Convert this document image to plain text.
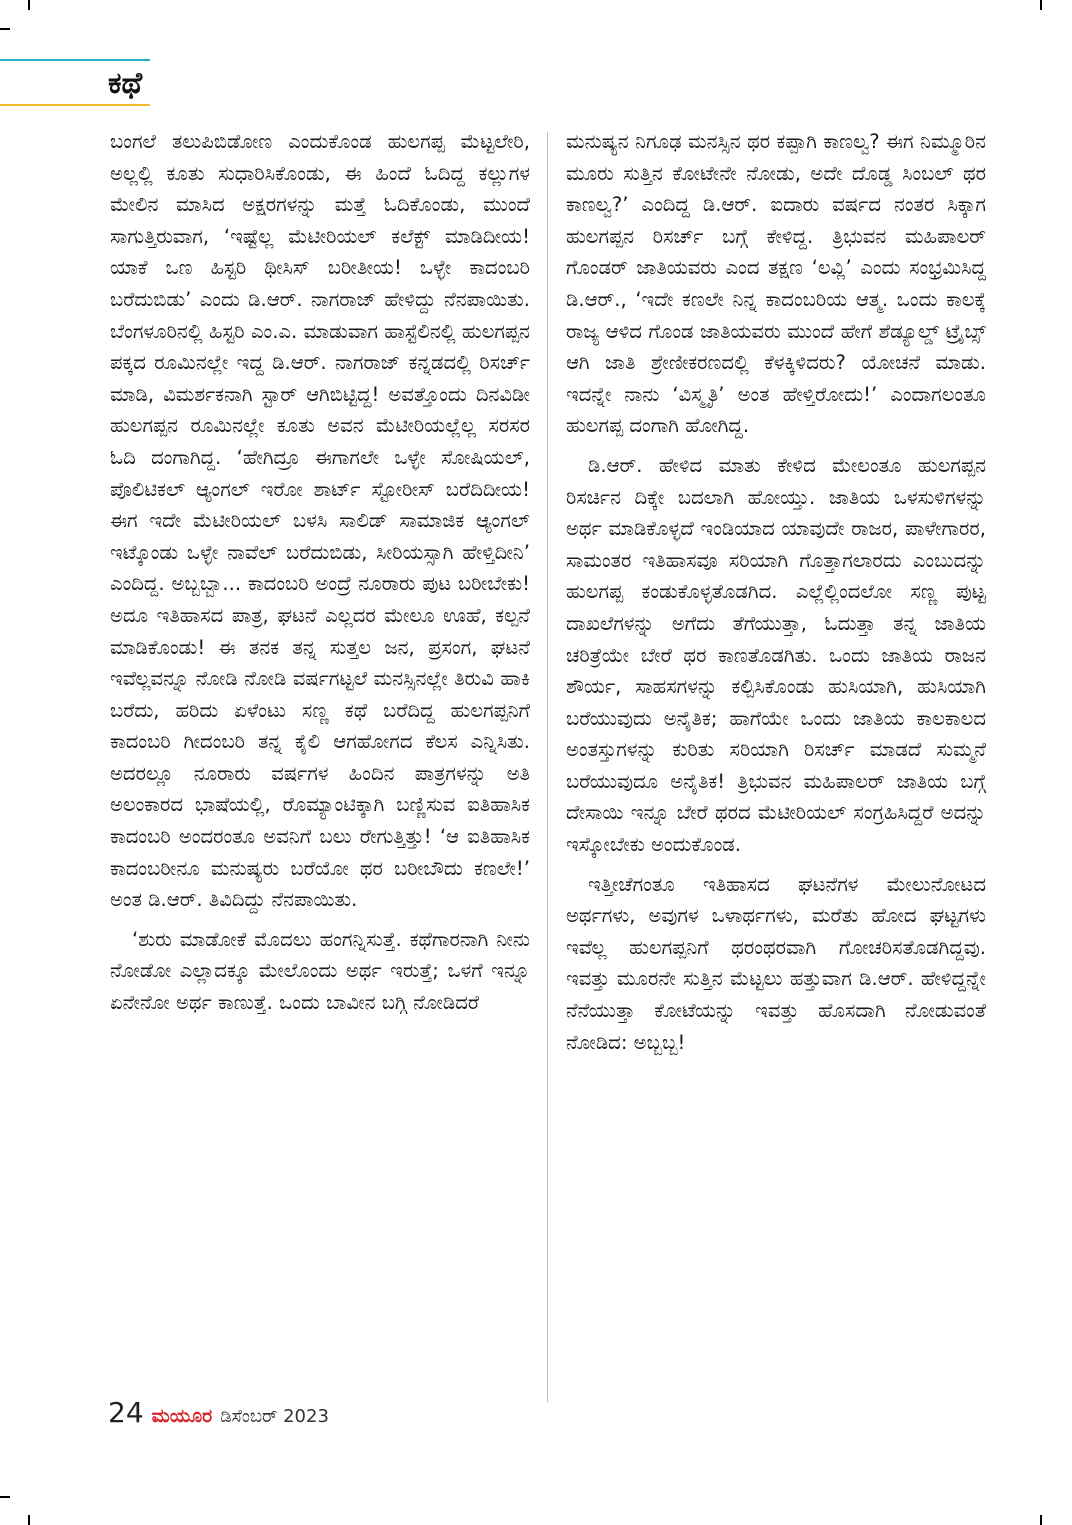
ಕಥೆ

ಬಂಗಲೆ ತಲುಪಿಬಿಡೋಣ ಎಂದುಕೊಂಡ ಹುಲಗಪ್ಪ ಮೆಟ್ಟಲೇರಿ, ಅಲ್ಲಲ್ಲಿ ಕೂತು ಸುಧಾರಿಸಿಕೊಂಡು, ಈ ಹಿಂದೆ ಓದಿದ್ದ ಕಲ್ಲುಗಳ ಮೇಲಿನ ಮಾಸಿದ ಅಕ್ಷರಗಳನ್ನು ಮತ್ತೆ ಓದಿಕೊಂಡು, ಮುಂದೆ ಸಾಗುತ್ತಿರುವಾಗ, ‘ಇಷ್ಟೆಲ್ಲ ಮೆಟೀರಿಯಲ್ ಕಲೆಕ್ಟ್ ಮಾಡಿದೀಯ! ಯಾಕೆ ಒಣ ಹಿಸ್ಟರಿ ಥೀಸಿಸ್ ಬರೀತೀಯ! ಒಳ್ಳೇ ಕಾದಂಬರಿ ಬರೆದುಬಿಡು’ ಎಂದು ಡಿ.ಆರ್. ನಾಗರಾಜ್ ಹೇಳಿದ್ದು ನೆನಪಾಯಿತು. ಬೆಂಗಳೂರಿನಲ್ಲಿ ಹಿಸ್ಟರಿ ಎಂ.ಎ. ಮಾಡುವಾಗ ಹಾಸ್ಟೆಲಿನಲ್ಲಿ ಹುಲಗಪ್ಪನ ಪಕ್ಕದ ರೂಮಿನಲ್ಲೇ ಇದ್ದ ಡಿ.ಆರ್. ನಾಗರಾಜ್ ಕನ್ನಡದಲ್ಲಿ ರಿಸರ್ಚ್ ಮಾಡಿ, ವಿಮರ್ಶಕನಾಗಿ ಸ್ಟಾರ್ ಆಗಿಬಿಟ್ಟಿದ್ದ! ಅವತ್ತೊಂದು ದಿನವಿಡೀ ಹುಲಗಪ್ಪನ ರೂಮಿನಲ್ಲೇ ಕೂತು ಅವನ ಮೆಟೀರಿಯಲ್ಲೆಲ್ಲ ಸರಸರ ಓದಿ ದಂಗಾಗಿದ್ದ. ‘ಹೇಗಿದ್ರೂ ಈಗಾಗಲೇ ಒಳ್ಳೇ ಸೋಷಿಯಲ್, ಪೊಲಿಟಿಕಲ್ ಆ್ಯಂಗಲ್ ಇರೋ ಶಾರ್ಟ್ ಸ್ಟೋರೀಸ್ ಬರೆದಿದೀಯ! ಈಗ ಇದೇ ಮೆಟೀರಿಯಲ್ ಬಳಸಿ ಸಾಲಿಡ್ ಸಾಮಾಜಿಕ ಆ್ಯಂಗಲ್ ಇಟ್ಕೊಂಡು ಒಳ್ಳೇ ನಾವೆಲ್ ಬರೆದುಬಿಡು, ಸೀರಿಯಸ್ಸಾಗಿ ಹೇಳ್ತಿದೀನಿ’ ಎಂದಿದ್ದ. ಅಬ್ಬಬ್ಬಾ... ಕಾದಂಬರಿ ಅಂದ್ರೆ ನೂರಾರು ಪುಟ ಬರೀಬೇಕು! ಅದೂ ಇತಿಹಾಸದ ಪಾತ್ರ, ಘಟನೆ ಎಲ್ಲದರ ಮೇಲೂ ಊಹೆ, ಕಲ್ಪನೆ ಮಾಡಿಕೊಂಡು! ಈ ತನಕ ತನ್ನ ಸುತ್ತಲ ಜನ, ಪ್ರಸಂಗ, ಘಟನೆ ಇವೆಲ್ಲವನ್ನೂ ನೋಡಿ ನೋಡಿ ವರ್ಷಗಟ್ಟಲೆ ಮನಸ್ಸಿನಲ್ಲೇ ತಿರುವಿ ಹಾಕಿ ಬರೆದು, ಹರಿದು ಏಳೆಂಟು ಸಣ್ಣ ಕಥೆ ಬರೆದಿದ್ದ ಹುಲಗಪ್ಪನಿಗೆ ಕಾದಂಬರಿ ಗೀದಂಬರಿ ತನ್ನ ಕೈಲಿ ಆಗಹೋಗದ ಕೆಲಸ ಎನ್ನಿಸಿತು. ಅದರಲ್ಲೂ ನೂರಾರು ವರ್ಷಗಳ ಹಿಂದಿನ ಪಾತ್ರಗಳನ್ನು ಅತಿ ಅಲಂಕಾರದ ಭಾಷೆಯಲ್ಲಿ, ರೊಮ್ಯಾಂಟಿಕ್ಕಾಗಿ ಬಣ್ಣಿಸುವ ಐತಿಹಾಸಿಕ ಕಾದಂಬರಿ ಅಂದರಂತೂ ಅವನಿಗೆ ಬಲು ರೇಗುತ್ತಿತ್ತು! ‘ಆ ಐತಿಹಾಸಿಕ ಕಾದಂಬರೀನೂ ಮನುಷ್ಯರು ಬರೆಯೋ ಥರ ಬರೀಬೌದು ಕಣಲೇ!’ ಅಂತ ಡಿ.ಆರ್. ತಿವಿದಿದ್ದು ನೆನಪಾಯಿತು.

‘ಶುರು ಮಾಡೋಕೆ ಮೊದಲು ಹಂಗನ್ನಿಸುತ್ತೆ. ಕಥೆಗಾರನಾಗಿ ನೀನು ನೋಡೋ ಎಲ್ಲಾದಕ್ಕೂ ಮೇಲೊಂದು ಅರ್ಥ ಇರುತ್ತೆ; ಒಳಗೆ ಇನ್ನೂ ಏನೇನೋ ಅರ್ಥ ಕಾಣುತ್ತೆ. ಒಂದು ಬಾವೀನ ಬಗ್ಗಿ ನೋಡಿದರೆ

ಮನುಷ್ಯನ ನಿಗೂಢ ಮನಸ್ಸಿನ ಥರ ಕಪ್ಪಾಗಿ ಕಾಣಲ್ವ? ಈಗ ನಿಮ್ಮೂರಿನ ಮೂರು ಸುತ್ತಿನ ಕೋಟೇನೇ ನೋಡು, ಅದೇ ದೊಡ್ಡ ಸಿಂಬಲ್ ಥರ ಕಾಣಲ್ವ?’ ಎಂದಿದ್ದ ಡಿ.ಆರ್. ಐದಾರು ವರ್ಷದ ನಂತರ ಸಿಕ್ಕಾಗ ಹುಲಗಪ್ಪನ ರಿಸರ್ಚ್ ಬಗ್ಗೆ ಕೇಳಿದ್ದ. ತ್ರಿಭುವನ ಮಹಿಪಾಲರ್ ಗೊಂಡರ್ ಜಾತಿಯವರು ಎಂದ ತಕ್ಷಣ ‘ಲವ್ಲಿ’ ಎಂದು ಸಂಭ್ರಮಿಸಿದ್ದ ಡಿ.ಆರ್., ‘ಇದೇ ಕಣಲೇ ನಿನ್ನ ಕಾದಂಬರಿಯ ಆತ್ಮ. ಒಂದು ಕಾಲಕ್ಕೆ ರಾಜ್ಯ ಆಳಿದ ಗೊಂಡ ಜಾತಿಯವರು ಮುಂದೆ ಹೇಗೆ ಶೆಡ್ಯೂಲ್ಡ್ ಟ್ರೈಬ್ಸ್ ಆಗಿ ಜಾತಿ ಶ್ರೇಣೀಕರಣದಲ್ಲಿ ಕೆಳಕ್ಕಿಳಿದರು? ಯೋಚನೆ ಮಾಡು. ಇದನ್ನೇ ನಾನು ‘ವಿಸ್ಮೃತಿ’ ಅಂತ ಹೇಳ್ತಿರೋದು!’ ಎಂದಾಗಲಂತೂ ಹುಲಗಪ್ಪ ದಂಗಾಗಿ ಹೋಗಿದ್ದ.

ಡಿ.ಆರ್. ಹೇಳಿದ ಮಾತು ಕೇಳಿದ ಮೇಲಂತೂ ಹುಲಗಪ್ಪನ ರಿಸರ್ಚಿನ ದಿಕ್ಕೇ ಬದಲಾಗಿ ಹೋಯ್ತು. ಜಾತಿಯ ಒಳಸುಳಿಗಳನ್ನು ಅರ್ಥ ಮಾಡಿಕೊಳ್ಳದೆ ಇಂಡಿಯಾದ ಯಾವುದೇ ರಾಜರ, ಪಾಳೇಗಾರರ, ಸಾಮಂತರ ಇತಿಹಾಸವೂ ಸರಿಯಾಗಿ ಗೊತ್ತಾಗಲಾರದು ಎಂಬುದನ್ನು ಹುಲಗಪ್ಪ ಕಂಡುಕೊಳ್ಳತೊಡಗಿದ. ಎಲ್ಲೆಲ್ಲಿಂದಲೋ ಸಣ್ಣ ಪುಟ್ಟ ದಾಖಲೆಗಳನ್ನು ಅಗೆದು ತೆಗೆಯುತ್ತಾ, ಓದುತ್ತಾ ತನ್ನ ಜಾತಿಯ ಚರಿತ್ರೆಯೇ ಬೇರೆ ಥರ ಕಾಣತೊಡಗಿತು. ಒಂದು ಜಾತಿಯ ರಾಜನ ಶೌರ್ಯ, ಸಾಹಸಗಳನ್ನು ಕಲ್ಪಿಸಿಕೊಂಡು ಹುಸಿಯಾಗಿ, ಹುಸಿಯಾಗಿ ಬರೆಯುವುದು ಅನೈತಿಕ; ಹಾಗೆಯೇ ಒಂದು ಜಾತಿಯ ಕಾಲಕಾಲದ ಅಂತಸ್ತುಗಳನ್ನು ಕುರಿತು ಸರಿಯಾಗಿ ರಿಸರ್ಚ್ ಮಾಡದೆ ಸುಮ್ಮನೆ ಬರೆಯುವುದೂ ಅನೈತಿಕ! ತ್ರಿಭುವನ ಮಹಿಪಾಲರ್ ಜಾತಿಯ ಬಗ್ಗೆ ದೇಸಾಯಿ ಇನ್ನೂ ಬೇರೆ ಥರದ ಮೆಟೀರಿಯಲ್ ಸಂಗ್ರಹಿಸಿದ್ದರೆ ಅದನ್ನು ಇಸ್ಕೋಬೇಕು ಅಂದುಕೊಂಡ.

ಇತ್ತೀಚೆಗಂತೂ ಇತಿಹಾಸದ ಘಟನೆಗಳ ಮೇಲುನೋಟದ ಅರ್ಥಗಳು, ಅವುಗಳ ಒಳಾರ್ಥಗಳು, ಮರೆತು ಹೋದ ಘಟ್ಟಗಳು ಇವೆಲ್ಲ ಹುಲಗಪ್ಪನಿಗೆ ಥರಂಥರವಾಗಿ ಗೋಚರಿಸತೊಡಗಿದ್ದವು. ಇವತ್ತು ಮೂರನೇ ಸುತ್ತಿನ ಮೆಟ್ಟಲು ಹತ್ತುವಾಗ ಡಿ.ಆರ್. ಹೇಳಿದ್ದನ್ನೇ ನೆನೆಯುತ್ತಾ ಕೋಟೆಯನ್ನು ಇವತ್ತು ಹೊಸದಾಗಿ ನೋಡುವಂತೆ ನೋಡಿದ: ಅಬ್ಬಬ್ಬ!

24 ಮಯೂರ ಡಿಸೆಂಬರ್ 2023
